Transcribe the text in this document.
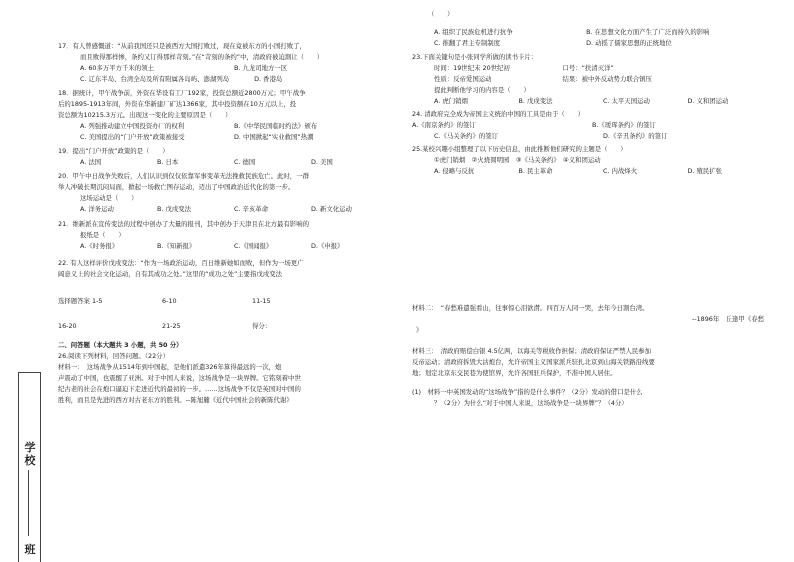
17．有人曾感慨道：“从前我国还只是被西方大国打败过，现在竟被东方的小国打败了，

而且败得那样惨，条约又订得那样苛刻。”在“苛刻的条约”中，清政府被迫割让（　　）

A. 60多万平方千米的领土	B. 九龙司地方一区
C. 辽东半岛、台湾全岛及所有附属各岛屿、澎湖列岛	D. 香港岛

18．据统计，甲午战争前，外资在华设有工厂192家，投资总额近2800万元；甲午战争

后的1895-1913年间，外资在华新建厂矿达1366家，其中投资额在10万元以上，投

资总额为10215.3万元。出现这一变化的主要原因是（　　）

A. 列强推动建立中国投资办厂的权利	B.《中华民国临时约法》颁布
C. 美国提出的“门户开放”政策被接受	D. 中国掀起“实业救国”热潮

19．提出“门户开放”政策的是（　　）

A. 法国	B. 日本	C. 德国	D. 美国

20．甲午中日战争失败后，人们认识到仅仅依靠军事变革无法挽救民族危亡。此时，一群

举人冲破长期沉闷局面，掀起一场救亡图存运动，迈出了中国政治近代化的第一步。

这场运动是（　　）

A. 洋务运动	B. 戊戌变法	C. 辛亥革命	D. 新文化运动

21．维新派在宣传变法的过程中创办了大量的报刊，其中创办于天津且在北方最有影响的

报纸是（　　）

A.《时务报》	B.《知新报》	C.《国闻报》	D.《申报》

22. 有人这样评价戊戌变法：“作为一场政治运动，百日维新她如而败，但作为一场更广

阔意义上的社会文化运动，自有其成功之处。”这里的“成功之处”主要指戊戌变法

选择题答案 1-5	6-10	11-15
16-20	21-25	得分：

二、问答题（本大题共 3 小题，共 50 分）

26.阅读下列材料，回答问题。（22分）

材料一：　这场战争从1514年到中国起，是他们派遣326年算得最远的一次，炮

声震动了中国，也震醒了亚洲。对于中国人来说，这场战争是一块界牌。它铭刻着中世

纪古老的社会在炮口逼迫下走进近代的最初的一步。……这场战争不仅是英国对中国的

胜利，而且是先进的西方对古老东方的胜利。--陈旭麓《近代中国社会的新陈代谢》

（　　）

A. 组织了民族危机进行抗争	B. 在思想文化方面产生了广泛而持久的影响
C. 推翻了君主专制制度	D. 动摇了儒家思想的正统地位

23.下面关键句是小张同学所做的读书卡片：

时间：19世纪末 20世纪初	口号：“扶清灭洋”
性质：反帝爱国运动	结果：被中外反动势力联合镇压

提此判断他学习的内容是（　　）

A. 虎门销烟	B. 戊戌变法	C. 太平天国运动	D. 义和团运动

24. 清政府完全成为帝国主义统治中国的工具是由于（　　）

A.《南京条约》的签订	B.《瑷珲条约》的签订
C.《马关条约》的签订	D.《辛丑条约》的签订

25.某校兴趣小组整理了以下历史信息，由此推断他们研究的主题是（　　）

①虎门销烟　②火烧圆明园　③《马关条约》　④义和团运动

A. 侵略与反抗	B. 民主革命	C. 内战烽火	D. 殖民扩张

材料二：　“春愁难遣强看山，往事惊心泪欲潸。四百万人同一哭，去年今日割台湾。

--1896年　丘逢甲《春愁

》

材料三：　清政府赔偿白银 4.5亿两，以海关等税收作担保；清政府保证严禁人民参加

反帝运动；清政府拆毁大沽炮台，允许帝国主义国家派兵驻扎北京到山海关铁路沿线要

地；划定北京东交民巷为使馆界，允许各国驻兵保护，不准中国人居住。

(1)　材料一中英国发动的“这场战争”指的是什么事件？（2分）发动的借口是什么

？（2分）为什么“对于中国人来说，这场战争是一块界牌”？（4分）

学校
班
